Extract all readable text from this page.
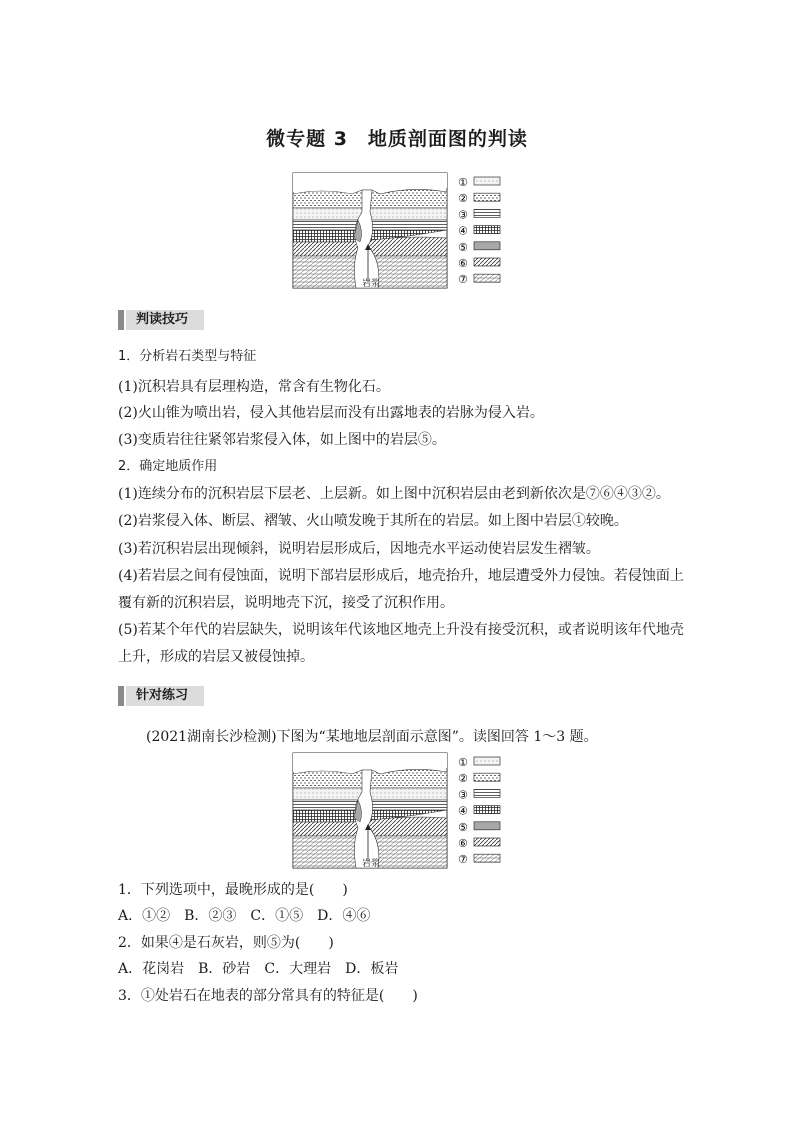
微专题 3　地质剖面图的判读
岩浆
①
②
③
④
⑤
⑥
⑦
判读技巧
1．分析岩石类型与特征
(1)沉积岩具有层理构造，常含有生物化石。
(2)火山锥为喷出岩，侵入其他岩层而没有出露地表的岩脉为侵入岩。
(3)变质岩往往紧邻岩浆侵入体，如上图中的岩层⑤。
2．确定地质作用
(1)连续分布的沉积岩层下层老、上层新。如上图中沉积岩层由老到新依次是⑦⑥④③②。
(2)岩浆侵入体、断层、褶皱、火山喷发晚于其所在的岩层。如上图中岩层①较晚。
(3)若沉积岩层出现倾斜，说明岩层形成后，因地壳水平运动使岩层发生褶皱。
(4)若岩层之间有侵蚀面，说明下部岩层形成后，地壳抬升，地层遭受外力侵蚀。若侵蚀面上
覆有新的沉积岩层，说明地壳下沉，接受了沉积作用。
(5)若某个年代的岩层缺失，说明该年代该地区地壳上升没有接受沉积，或者说明该年代地壳
上升，形成的岩层又被侵蚀掉。
针对练习
(2021湖南长沙检测)下图为“某地地层剖面示意图”。读图回答 1～3 题。
岩浆
①
②
③
④
⑤
⑥
⑦
1．下列选项中，最晚形成的是(　　)
A．①②　B．②③　C．①⑤　D．④⑥
2．如果④是石灰岩，则⑤为(　　)
A．花岗岩　B．砂岩　C．大理岩　D．板岩
3．①处岩石在地表的部分常具有的特征是(　　)
